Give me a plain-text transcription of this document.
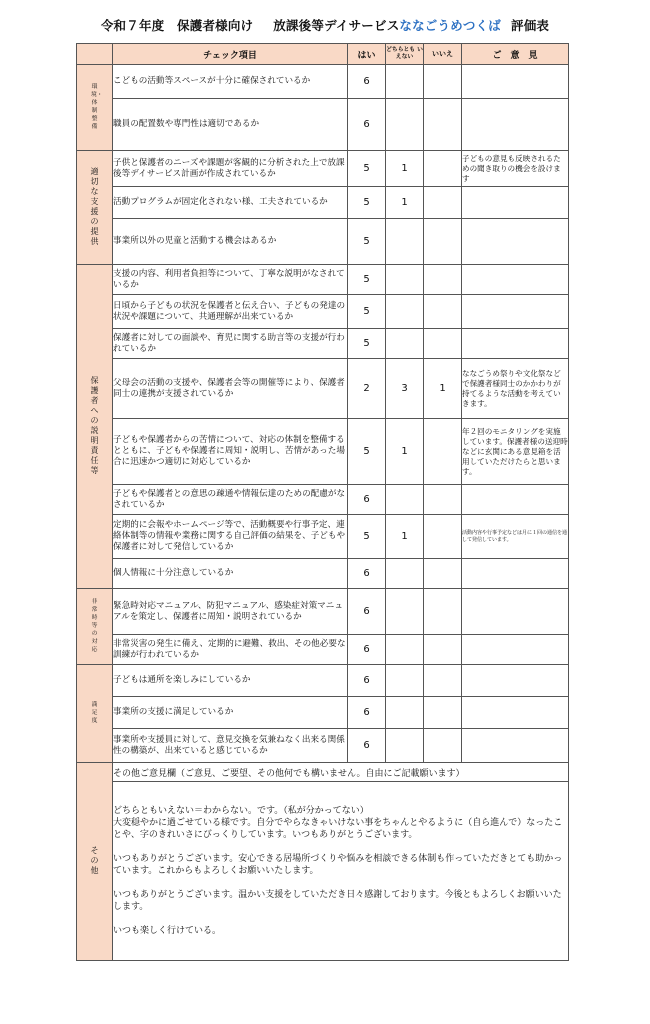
令和７年度　保護者様向け 放課後等デイサービスななごうめつくば 評価表
	チェック項目	はい	どちらとも いえない	いいえ	ご　意　見
環境・体制整備	こどもの活動等スペースが十分に確保されているか	6			
	職員の配置数や専門性は適切であるか	6			
適切な支援の提供	子供と保護者のニーズや課題が客観的に分析された上で放課後等デイサービス計画が作成されているか	5	1		子どもの意見も反映されるための聞き取りの機会を設けます
	活動プログラムが固定化されない様、工夫されているか	5	1		
	事業所以外の児童と活動する機会はあるか	5			
保護者への説明責任等	支援の内容、利用者負担等について、丁寧な説明がなされているか	5			
	日頃から子どもの状況を保護者と伝え合い、子どもの発達の状況や課題について、共通理解が出来ているか	5			
	保護者に対しての面談や、育児に関する助言等の支援が行われているか	5			
	父母会の活動の支援や、保護者会等の開催等により、保護者同士の連携が支援されているか	2	3	1	ななごうめ祭りや文化祭などで保護者様同士のかかわりが持てるような活動を考えていきます。
	子どもや保護者からの苦情について、対応の体制を整備するとともに、子どもや保護者に周知・説明し、苦情があった場合に迅速かつ適切に対応しているか	5	1		年２回のモニタリングを実施しています。保護者様の送迎時などに玄関にある意見箱を活用していただけたらと思います。
	子どもや保護者との意思の疎通や情報伝達のための配慮がなされているか	6			
	定期的に会報やホームページ等で、活動概要や行事予定、連絡体制等の情報や業務に関する自己評価の結果を、子どもや保護者に対して発信しているか	5	1		活動内容や行事予定などは月に１回の通信を通して発信しています。
	個人情報に十分注意しているか	6			
非常時等の対応	緊急時対応マニュアル、防犯マニュアル、感染症対策マニュアルを策定し、保護者に周知・説明されているか	6			
	非常災害の発生に備え、定期的に避難、救出、その他必要な訓練が行われているか	6			
満足度	子どもは通所を楽しみにしているか	6			
	事業所の支援に満足しているか	6			
	事業所や支援員に対して、意見交換を気兼ねなく出来る関係性の構築が、出来ていると感じているか	6			
その他	その他ご意見欄（ご意見、ご要望、その他何でも構いません。自由にご記載願います）				

	どちらともいえない＝わからない。です。（私が分かってない）
大変穏やかに過ごせている様です。自分でやらなきゃいけない事をちゃんとやるように（自ら進んで）なったことや、字のきれいさにびっくりしています。いつもありがとうございます。
いつもありがとうございます。安心できる居場所づくりや悩みを相談できる体制も作っていただきとても助かっています。これからもよろしくお願いいたします。
いつもありがとうございます。温かい支援をしていただき日々感謝しております。今後ともよろしくお願いいたします。
いつも楽しく行けている。				
